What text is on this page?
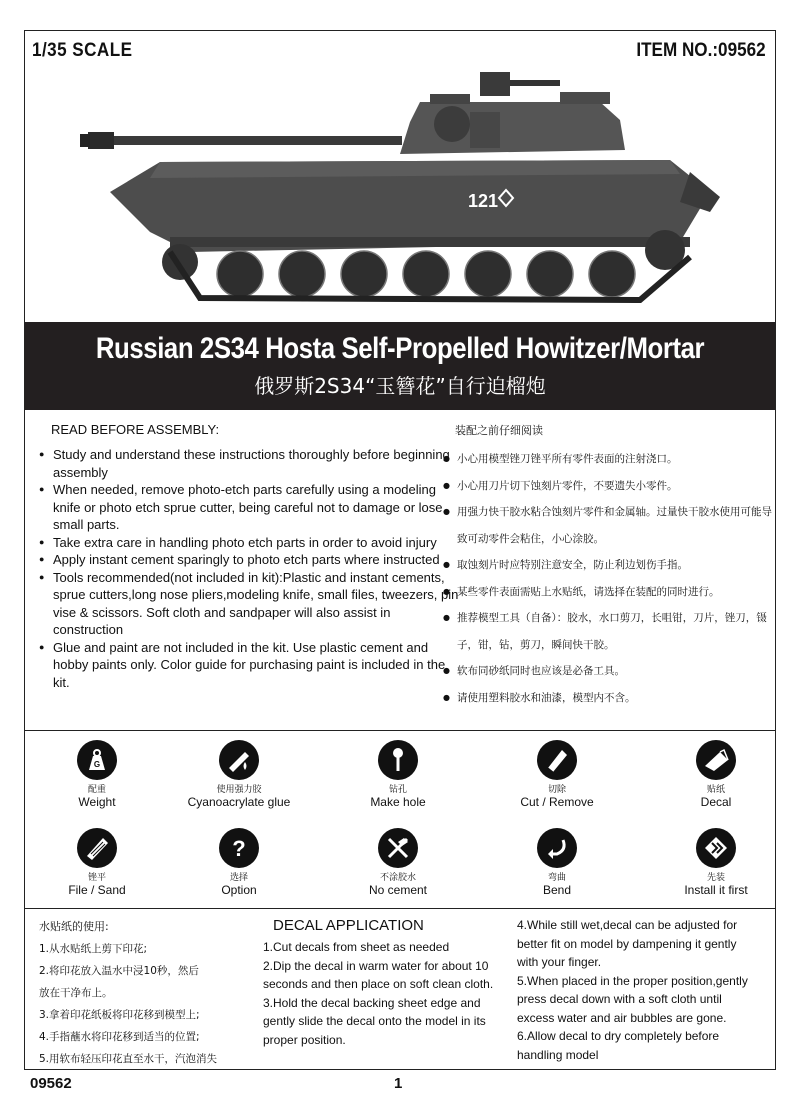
1/35 SCALE	ITEM NO.:09562
121
Russian 2S34 Hosta Self-Propelled Howitzer/Mortar
俄罗斯2S34“玉簪花”自行迫榴炮
READ BEFORE ASSEMBLY:
● Study and understand these instructions thoroughly before beginning assembly
● When needed, remove photo-etch parts carefully using a modeling knife or photo etch sprue cutter, being careful not to damage or lose small parts.
● Take extra care in handling photo etch parts in order to avoid injury
● Apply instant cement sparingly to photo etch parts where instructed
● Tools recommended(not included in kit):Plastic and instant cements, sprue cutters,long nose pliers,modeling knife, small files, tweezers, pin vise & scissors. Soft cloth and sandpaper will also assist in construction
● Glue and paint are not included in the kit. Use plastic cement and hobby paints only. Color guide for purchasing paint is included in the kit.
装配之前仔细阅读
● 小心用模型锉刀锉平所有零件表面的注射浇口。
● 小心用刀片切下蚀刻片零件，不要遗失小零件。
● 用强力快干胶水粘合蚀刻片零件和金属轴。过量快干胶水使用可能导致可动零件会粘住，小心涂胶。
● 取蚀刻片时应特别注意安全，防止利边划伤手指。
● 某些零件表面需贴上水贴纸，请选择在装配的同时进行。
● 推荐模型工具（自备）：胶水，水口剪刀，长咀钳，刀片，锉刀，镊子，钳，钻，剪刀，瞬间快干胶。
● 软布同砂纸同时也应该是必备工具。
● 请使用塑料胶水和油漆，模型内不含。
G
配重
Weight
使用强力胶
Cyanoacrylate glue
钻孔
Make hole
切除
Cut / Remove
贴纸
Decal
锉平
File / Sand
?
选择
Option
不涂胶水
No cement
弯曲
Bend
先装
Install it first
水贴纸的使用:
1.从水贴纸上剪下印花;
2.将印花放入温水中浸10秒，然后
放在干净布上。
3.拿着印花纸板将印花移到模型上;
4.手指蘸水将印花移到适当的位置;
5.用软布轻压印花直至水干，汽泡消失
DECAL APPLICATION
1.Cut decals from sheet as needed
2.Dip the decal in warm water for about 10
seconds and then place on soft clean cloth.
3.Hold the decal backing sheet edge and
gently slide the decal onto the model in its
proper position.
4.While still wet,decal can be adjusted for
better fit on model by dampening it gently
with your finger.
5.When placed in the proper position,gently
press decal down with a soft cloth until
excess water and air bubbles are gone.
6.Allow decal to dry completely before
handling model
09562	1
